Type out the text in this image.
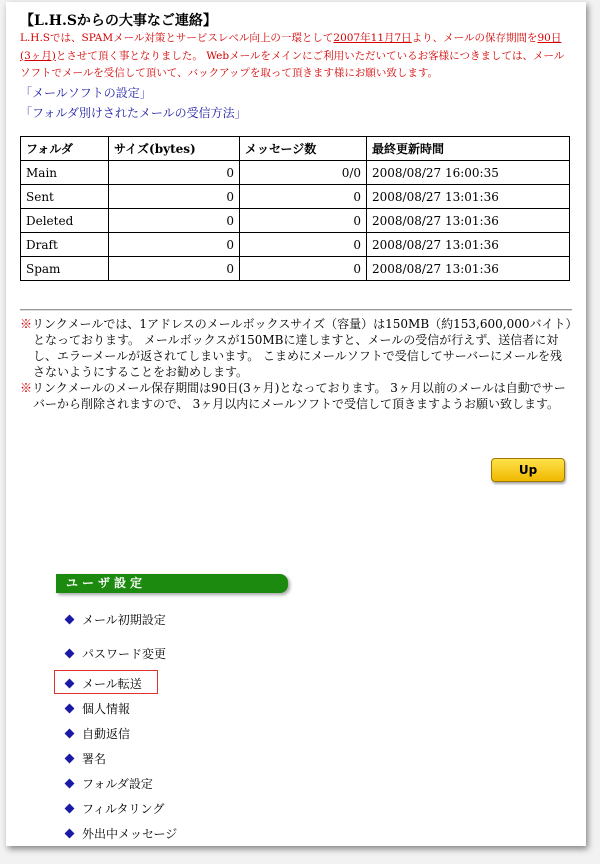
【L.H.Sからの大事なご連絡】
L.H.Sでは、SPAMメール対策とサービスレベル向上の一環として2007年11月7日より、メールの保存期間を90日(3ヶ月)とさせて頂く事となりました。 Webメールをメインにご利用いただいているお客様につきましては、メールソフトでメールを受信して頂いて、バックアップを取って頂きます様にお願い致します。
「メールソフトの設定」
「フォルダ別けされたメールの受信方法」
フォルダ	サイズ(bytes)	メッセージ数	最終更新時間
Main	0	0/0	2008/08/27 16:00:35
Sent	0	0	2008/08/27 13:01:36
Deleted	0	0	2008/08/27 13:01:36
Draft	0	0	2008/08/27 13:01:36
Spam	0	0	2008/08/27 13:01:36
※リンクメールでは、1アドレスのメールボックスサイズ（容量）は150MB（約153,600,000バイト）となっております。 メールボックスが150MBに達しますと、メールの受信が行えず、送信者に対し、エラーメールが返されてしまいます。 こまめにメールソフトで受信してサーバーにメールを残さないようにすることをお勧めします。
※リンクメールのメール保存期間は90日(3ヶ月)となっております。 3ヶ月以前のメールは自動でサーバーから削除されますので、 3ヶ月以内にメールソフトで受信して頂きますようお願い致します。
Up
ユーザ設定
メール初期設定
パスワード変更
メール転送
個人情報
自動返信
署名
フォルダ設定
フィルタリング
外出中メッセージ
